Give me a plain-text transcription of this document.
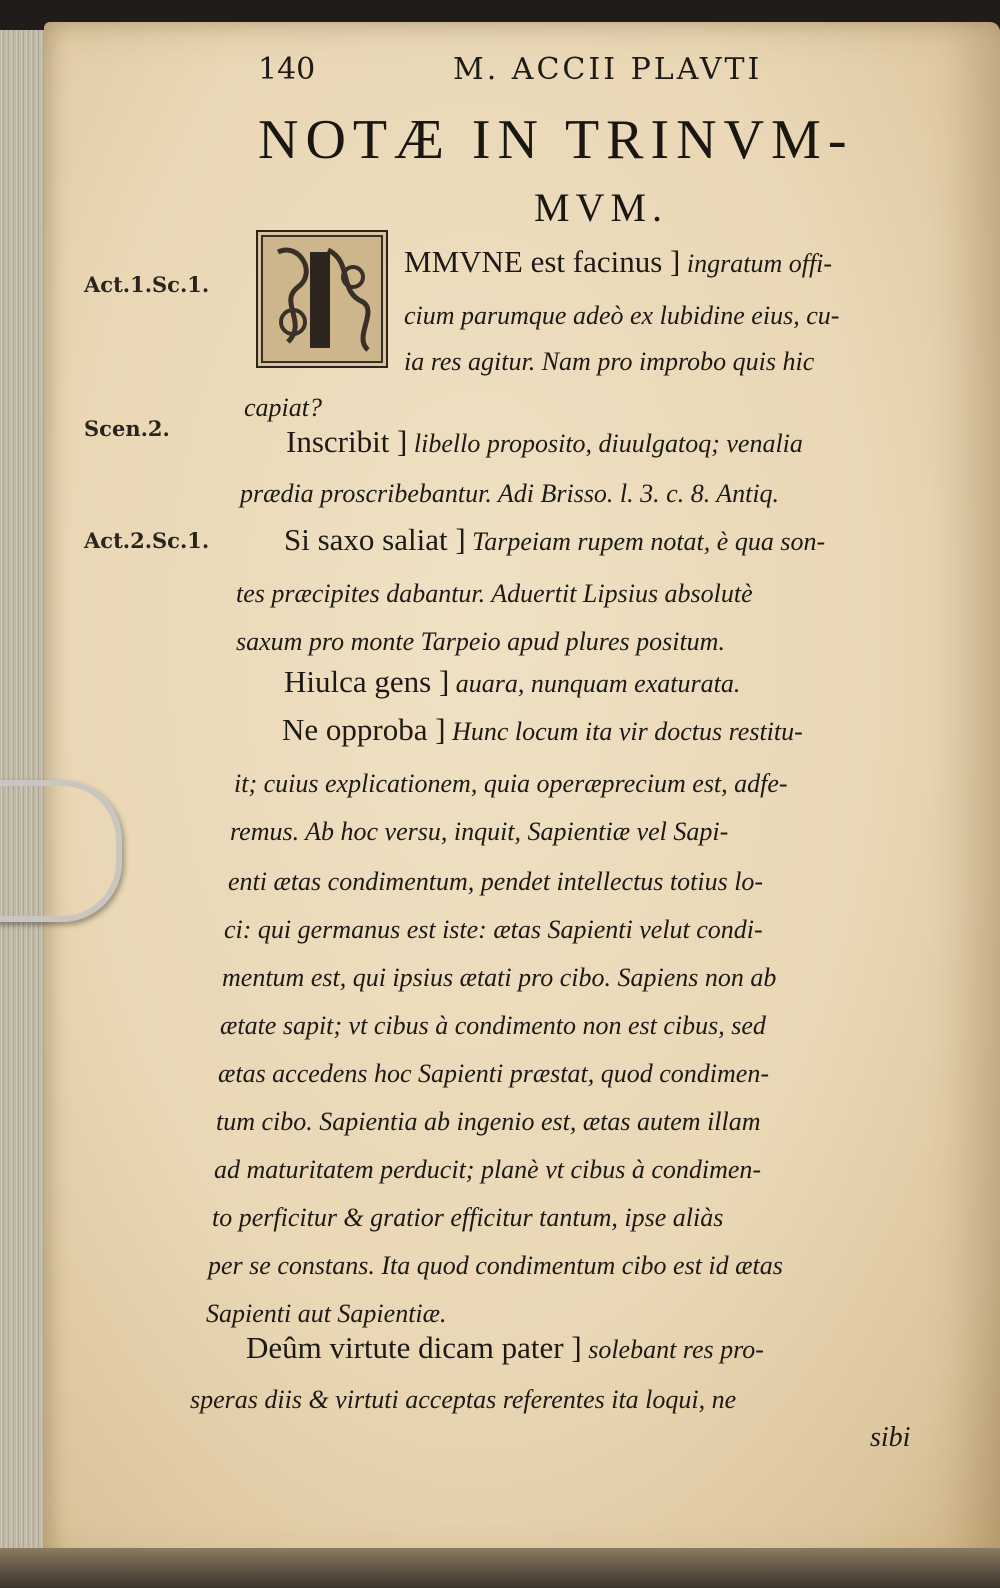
140	M. ACCII PLAVTI
NOTÆ IN TRINVM-
MVM.
Act.1.Sc.1.
Scen.2.
Act.2.Sc.1.
MMVNE est facinus ] ingratum offi-
cium parumque adeò ex lubidine eius, cu-
ia res agitur. Nam pro improbo quis hic
capiat?
Inscribit ] libello proposito, diuulgatoq; venalia
prædia proscribebantur. Adi Brisso. l. 3. c. 8. Antiq.
Si saxo saliat ] Tarpeiam rupem notat, è qua son-
tes præcipites dabantur. Aduertit Lipsius absolutè
saxum pro monte Tarpeio apud plures positum.
Hiulca gens ] auara, nunquam exaturata.
Ne opproba ] Hunc locum ita vir doctus restitu-
it; cuius explicationem, quia operæprecium est, adfe-
remus. Ab hoc versu, inquit, Sapientiæ vel Sapi-
enti ætas condimentum, pendet intellectus totius lo-
ci: qui germanus est iste: ætas Sapienti velut condi-
mentum est, qui ipsius ætati pro cibo. Sapiens non ab
ætate sapit; vt cibus à condimento non est cibus, sed
ætas accedens hoc Sapienti præstat, quod condimen-
tum cibo. Sapientia ab ingenio est, ætas autem illam
ad maturitatem perducit; planè vt cibus à condimen-
to perficitur & gratior efficitur tantum, ipse aliàs
per se constans. Ita quod condimentum cibo est id ætas
Sapienti aut Sapientiæ.
Deûm virtute dicam pater ] solebant res pro-
speras diis & virtuti acceptas referentes ita loqui, ne
sibi
